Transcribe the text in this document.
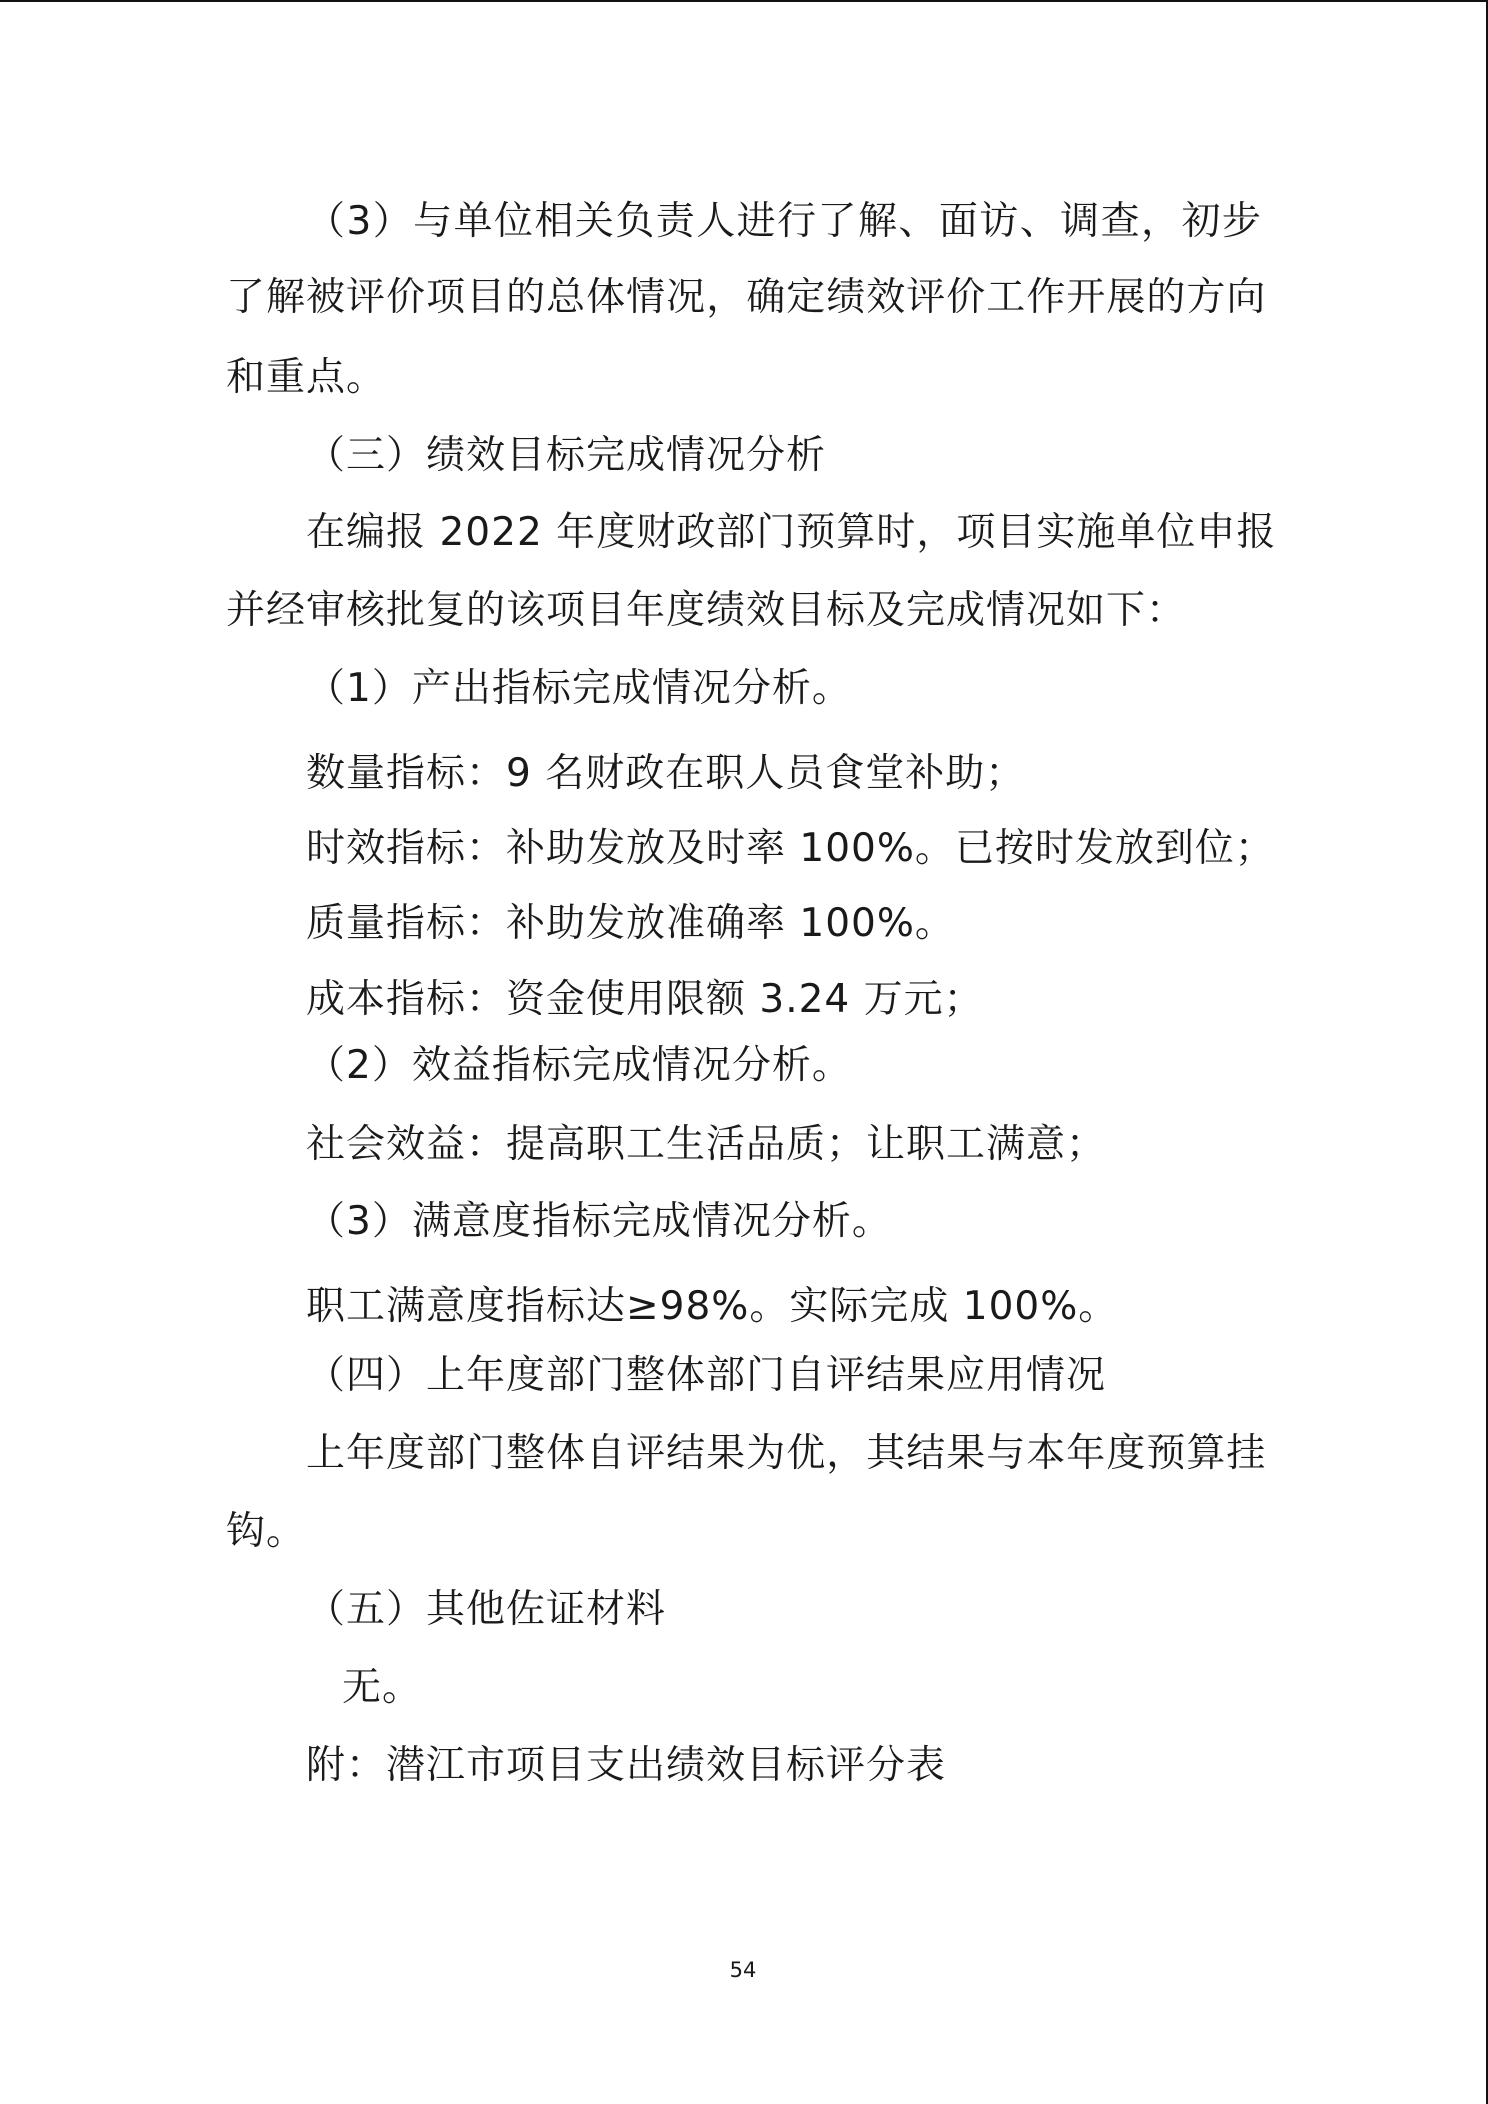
（ 3 ） 与 单 位 相 关 负 责 人 进 行 了 解 、 面 访 、 调 查 ， 初 步
了 解 被 评 价 项 目 的 总 体 情 况 ， 确 定 绩 效 评 价 工 作 开 展 的 方 向
和重点。
（三）绩效目标完成情况分析
在 编 报
2 0 2 2
年 度 财 政 部 门 预 算 时 ， 项 目 实 施 单 位 申 报
并经审核批复的该项目年度绩效目标及完成情况如下：
（1）产出指标完成情况分析。
数量指标：9 名财政在职人员食堂补助；
时效指标：补助发放及时率 100%。已按时发放到位；
质量指标：补助发放准确率 100%。
成本指标：资金使用限额 3.24 万元；
（2）效益指标完成情况分析。
社会效益：提高职工生活品质；让职工满意；
（3）满意度指标完成情况分析。
职工满意度指标达≥98%。实际完成 100%。
（四）上年度部门整体部门自评结果应用情况
上 年 度 部 门 整 体 自 评 结 果 为 优 ， 其 结 果 与 本 年 度 预 算 挂
钩。
（五）其他佐证材料
无。
附：潜江市项目支出绩效目标评分表
54
